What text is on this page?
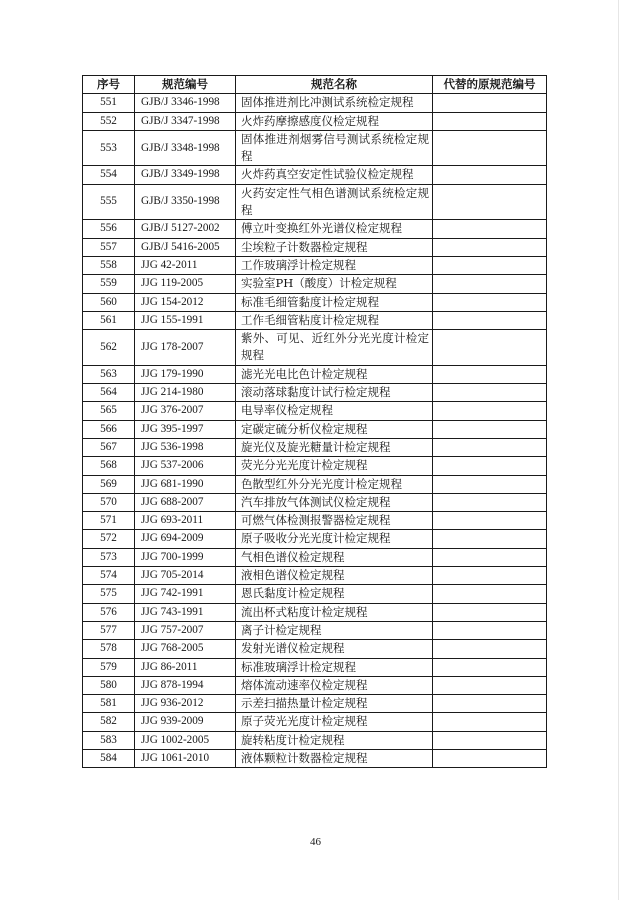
序号	规范编号	规范名称	代替的原规范编号
551	GJB/J 3346-1998	固体推进剂比冲测试系统检定规程	
552	GJB/J 3347-1998	火炸药摩擦感度仪检定规程	
553	GJB/J 3348-1998	固体推进剂烟雾信号测试系统检定规程	
554	GJB/J 3349-1998	火炸药真空安定性试验仪检定规程	
555	GJB/J 3350-1998	火药安定性气相色谱测试系统检定规程	
556	GJB/J 5127-2002	傅立叶变换红外光谱仪检定规程	
557	GJB/J 5416-2005	尘埃粒子计数器检定规程	
558	JJG 42-2011	工作玻璃浮计检定规程	
559	JJG 119-2005	实验室PH（酸度）计检定规程	
560	JJG 154-2012	标准毛细管黏度计检定规程	
561	JJG 155-1991	工作毛细管粘度计检定规程	
562	JJG 178-2007	紫外、可见、近红外分光光度计检定规程	
563	JJG 179-1990	滤光光电比色计检定规程	
564	JJG 214-1980	滚动落球黏度计试行检定规程	
565	JJG 376-2007	电导率仪检定规程	
566	JJG 395-1997	定碳定硫分析仪检定规程	
567	JJG 536-1998	旋光仪及旋光糖量计检定规程	
568	JJG 537-2006	荧光分光光度计检定规程	
569	JJG 681-1990	色散型红外分光光度计检定规程	
570	JJG 688-2007	汽车排放气体测试仪检定规程	
571	JJG 693-2011	可燃气体检测报警器检定规程	
572	JJG 694-2009	原子吸收分光光度计检定规程	
573	JJG 700-1999	气相色谱仪检定规程	
574	JJG 705-2014	液相色谱仪检定规程	
575	JJG 742-1991	恩氏黏度计检定规程	
576	JJG 743-1991	流出杯式粘度计检定规程	
577	JJG 757-2007	离子计检定规程	
578	JJG 768-2005	发射光谱仪检定规程	
579	JJG 86-2011	标准玻璃浮计检定规程	
580	JJG 878-1994	熔体流动速率仪检定规程	
581	JJG 936-2012	示差扫描热量计检定规程	
582	JJG 939-2009	原子荧光光度计检定规程	
583	JJG 1002-2005	旋转粘度计检定规程	
584	JJG 1061-2010	液体颗粒计数器检定规程	
46
